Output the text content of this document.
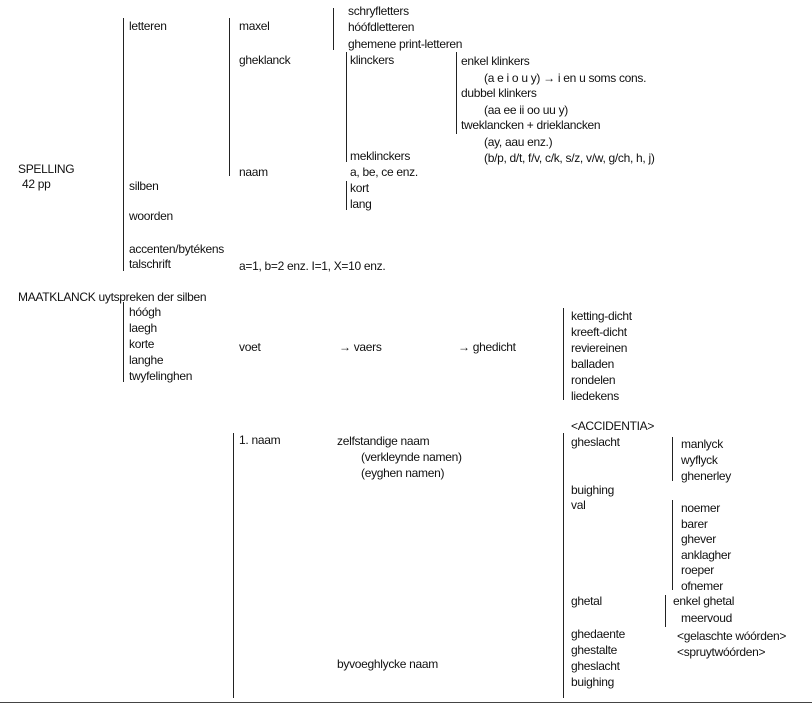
SPELLING
42 pp
letteren	maxel
schryfletters
hóófdletteren
ghemene print-letteren
gheklanck	klinckers	enkel klinkers
(a e i o u y) → i en u soms cons.
dubbel klinkers
(aa ee ii oo uu y)
tweklancken + drieklancken
(ay, aau enz.)
meklinckers	(b/p, d/t, f/v, c/k, s/z, v/w, g/ch, h, j)
naam	a, be, ce enz.
silben	kort
lang
woorden
accenten/bytékens
talschrift	a=1, b=2 enz. I=1, X=10 enz.
MAATKLANCK uytspreken der silben
hóógh
laegh
korte
langhe
twyfelinghen
voet	→ vaers	→ ghedicht
ketting-dicht
kreeft-dicht
reviereinen
balladen
rondelen
liedekens
<ACCIDENTIA>
1. naam	zelfstandige naam
(verkleynde namen)
(eyghen namen)
gheslacht	manlyck
wyflyck
ghenerley
buighing
val	noemer
barer
ghever
anklagher
roeper
ofnemer
ghetal	enkel ghetal
meervoud
ghedaente	<gelaschte wóórden>
ghestalte	<spruytwóórden>
byvoeghlycke naam	gheslacht
buighing
